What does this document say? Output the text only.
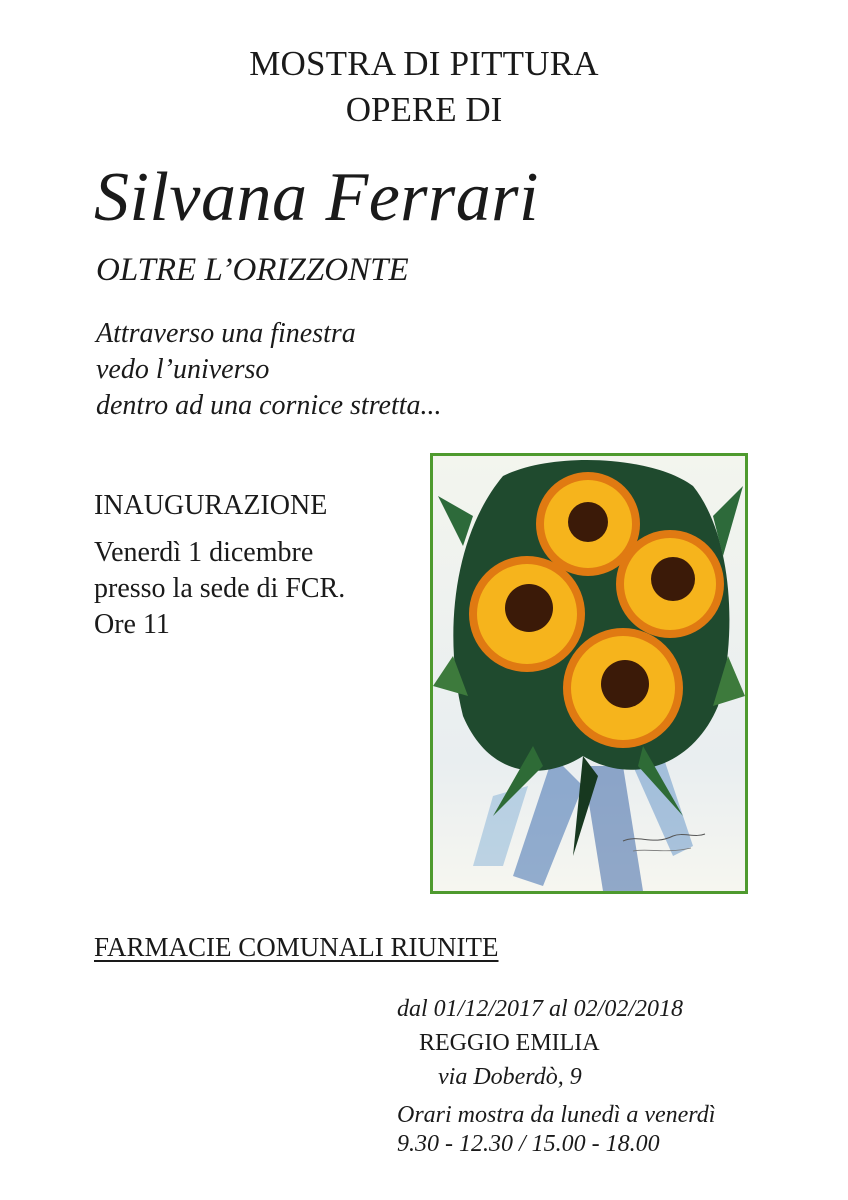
MOSTRA DI PITTURA
OPERE DI
Silvana Ferrari
OLTRE L’ORIZZONTE
Attraverso una finestra
vedo l’universo
dentro ad una cornice stretta...
INAUGURAZIONE
Venerdì 1 dicembre
presso la sede di FCR.
Ore 11
FARMACIE COMUNALI RIUNITE
dal 01/12/2017 al 02/02/2018
REGGIO EMILIA
via Doberdò, 9
Orari mostra da lunedì a venerdì
9.30 - 12.30 / 15.00 - 18.00
